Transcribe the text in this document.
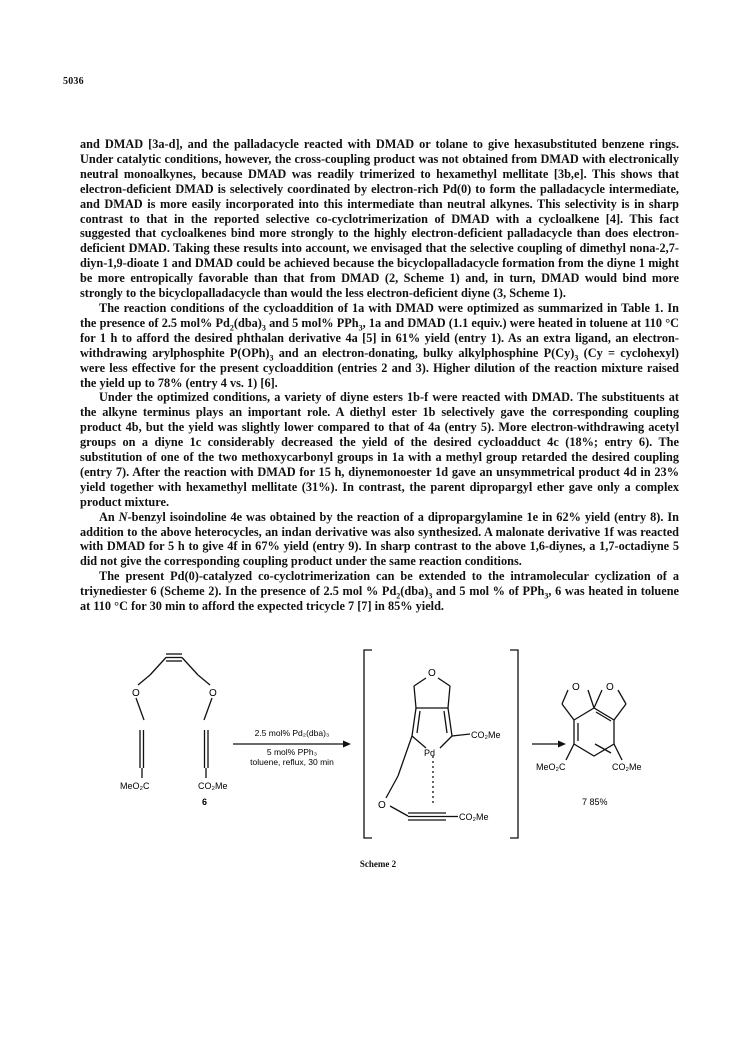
5036

and DMAD [3a-d], and the palladacycle reacted with DMAD or tolane to give hexasubstituted benzene rings. Under catalytic conditions, however, the cross-coupling product was not obtained from DMAD with electronically neutral monoalkynes, because DMAD was readily trimerized to hexamethyl mellitate [3b,e]. This shows that electron-deficient DMAD is selectively coordinated by electron-rich Pd(0) to form the palladacycle intermediate, and DMAD is more easily incorporated into this intermediate than neutral alkynes. This selectivity is in sharp contrast to that in the reported selective co-cyclotrimerization of DMAD with a cycloalkene [4]. This fact suggested that cycloalkenes bind more strongly to the highly electron-deficient palladacycle than does electron-deficient DMAD. Taking these results into account, we envisaged that the selective coupling of dimethyl nona-2,7-diyn-1,9-dioate 1 and DMAD could be achieved because the bicyclopalladacycle formation from the diyne 1 might be more entropically favorable than that from DMAD (2, Scheme 1) and, in turn, DMAD would bind more strongly to the bicyclopalladacycle than would the less electron-deficient diyne (3, Scheme 1).

The reaction conditions of the cycloaddition of 1a with DMAD were optimized as summarized in Table 1. In the presence of 2.5 mol% $Pd_2(dba)_3$ and 5 mol% PPh$_3$, 1a and DMAD (1.1 equiv.) were heated in toluene at 110 °C for 1 h to afford the desired phthalan derivative 4a [5] in 61% yield (entry 1). As an extra ligand, an electron-withdrawing arylphosphite $P(OPh)_3$ and an electron-donating, bulky alkylphosphine $P(Cy)_3$ (Cy = cyclohexyl) were less effective for the present cycloaddition (entries 2 and 3). Higher dilution of the reaction mixture raised the yield up to 78% (entry 4 vs. 1) [6].

Under the optimized conditions, a variety of diyne esters 1b-f were reacted with DMAD. The substituents at the alkyne terminus plays an important role. A diethyl ester 1b selectively gave the corresponding coupling product 4b, but the yield was slightly lower compared to that of 4a (entry 5). More electron-withdrawing acetyl groups on a diyne 1c considerably decreased the yield of the desired cycloadduct 4c (18%; entry 6). The substitution of one of the two methoxycarbonyl groups in 1a with a methyl group retarded the desired coupling (entry 7). After the reaction with DMAD for 15 h, diynemonoester 1d gave an unsymmetrical product 4d in 23% yield together with hexamethyl mellitate (31%). In contrast, the parent dipropargyl ether gave only a complex product mixture.

An N-benzyl isoindoline 4e was obtained by the reaction of a dipropargylamine 1e in 62% yield (entry 8). In addition to the above heterocycles, an indan derivative was also synthesized. A malonate derivative 1f was reacted with DMAD for 5 h to give 4f in 67% yield (entry 9). In sharp contrast to the above 1,6-diynes, a 1,7-octadiyne 5 did not give the corresponding coupling product under the same reaction conditions.

The present Pd(0)-catalyzed co-cyclotrimerization can be extended to the intramolecular cyclization of a triynediester 6 (Scheme 2). In the presence of 2.5 mol % $Pd_2(dba)_3$ and 5 mol % of PPh$_3$, 6 was heated in toluene at 110 °C for 30 min to afford the expected tricycle 7 [7] in 85% yield.

O	O
MeO₂C	CO₂Me
6
2.5 mol% Pd₂(dba)₃
5 mol% PPh₃
toluene, reflux, 30 min
O
Pd
CO₂Me
O
CO₂Me
O	O
MeO₂C	CO₂Me
7 85%
Scheme 2
